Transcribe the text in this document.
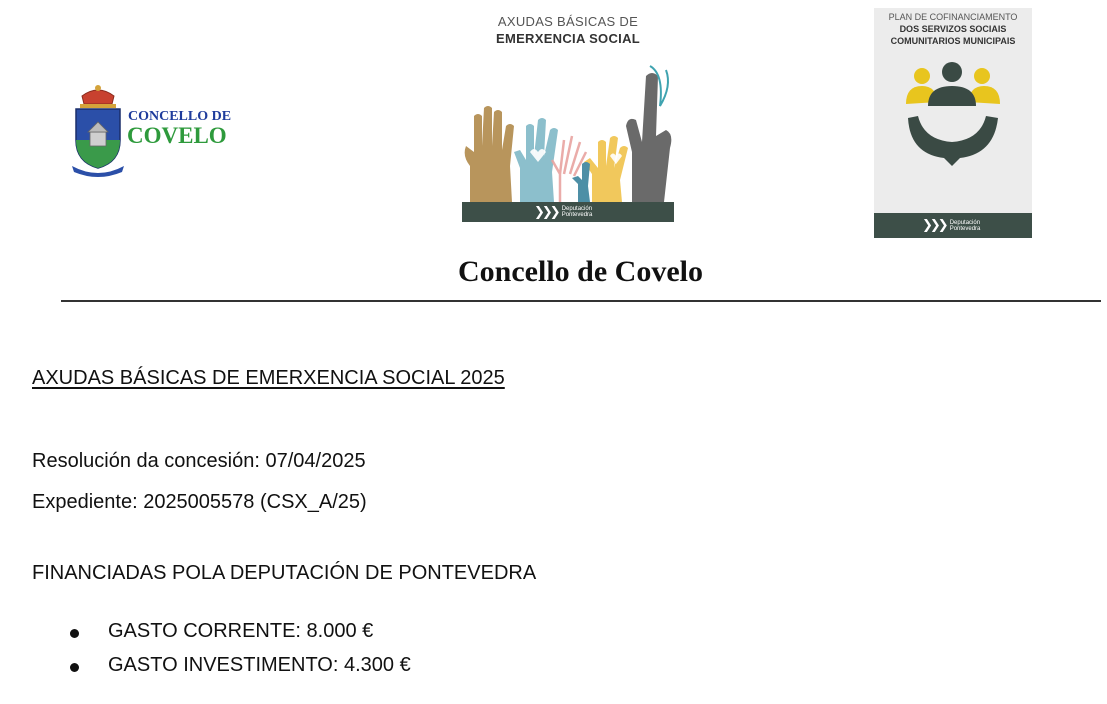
CONCELLO DE
COVELO
AXUDAS BÁSICAS DE
EMERXENCIA SOCIAL
❯❯❯ Deputación
Pontevedra
PLAN DE COFINANCIAMENTO
DOS SERVIZOS SOCIAIS
COMUNITARIOS MUNICIPAIS
❯❯❯ Deputación
Pontevedra
Concello de Covelo
AXUDAS BÁSICAS DE EMERXENCIA SOCIAL 2025
Resolución da concesión: 07/04/2025
Expediente: 2025005578 (CSX_A/25)
FINANCIADAS POLA DEPUTACIÓN DE PONTEVEDRA
GASTO CORRENTE: 8.000 €
GASTO INVESTIMENTO: 4.300 €
